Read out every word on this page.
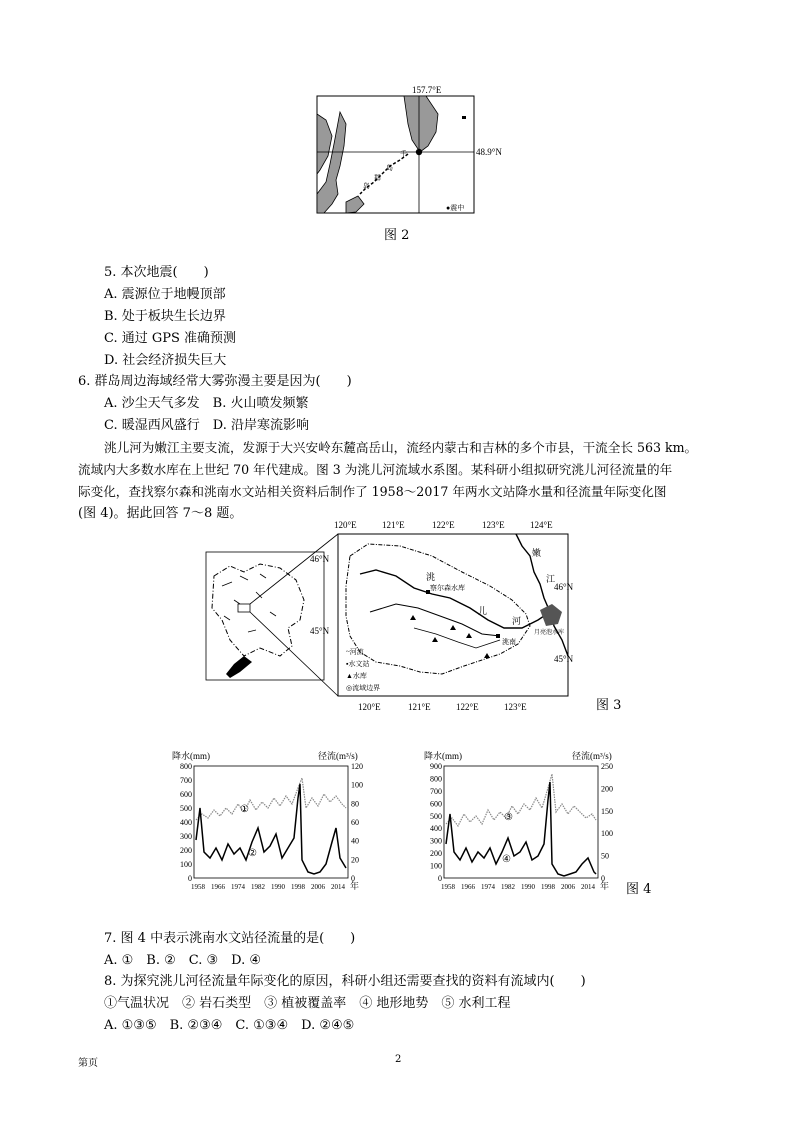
157.7°E
48.9°N
千
岛
群
岛
●震中
图 2
5. 本次地震(　　)
A. 震源位于地幔顶部
B. 处于板块生长边界
C. 通过 GPS 准确预测
D. 社会经济损失巨大
6. 群岛周边海域经常大雾弥漫主要是因为(　　)
A. 沙尘天气多发　B. 火山喷发频繁
C. 暖湿西风盛行　D. 沿岸寒流影响
洮儿河为嫩江主要支流，发源于大兴安岭东麓高岳山，流经内蒙古和吉林的多个市县，干流全长 563 km。
流域内大多数水库在上世纪 70 年代建成。图 3 为洮儿河流域水系图。某科研小组拟研究洮儿河径流量的年
际变化，查找察尔森和洮南水文站相关资料后制作了 1958～2017 年两水文站降水量和径流量年际变化图
(图 4)。据此回答 7～8 题。
洮
儿
河
嫩
江
察尔森水库
洮南
月亮泡水库
~河流
▪水文站
▲水库
◎流域边界
120°E	121°E	122°E	123°E	124°E
120°E	121°E	122°E	123°E
46°N
45°N
46°N
45°N
图 3
降水(mm)	径流(m³/s)
800
700
600
500
400
300
200
100
0
120
100
80
60
40
20
0
1958 1966 1974 1982 1990 1998 2006 2014 年
①
②
降水(mm)	径流(m³/s)
900
800
700
600
500
400
300
200
100
0
250
200
150
100
50
0
1958 1966 1974 1982 1990 1998 2006 2014 年
③
④
图 4
7. 图 4 中表示洮南水文站径流量的是(　　)
A. ①　B. ②　C. ③　D. ④
8. 为探究洮儿河径流量年际变化的原因，科研小组还需要查找的资料有流域内(　　)
①气温状况　② 岩石类型　③ 植被覆盖率　④ 地形地势　⑤ 水利工程
A. ①③⑤　B. ②③④　C. ①③④　D. ②④⑤
第页	2
